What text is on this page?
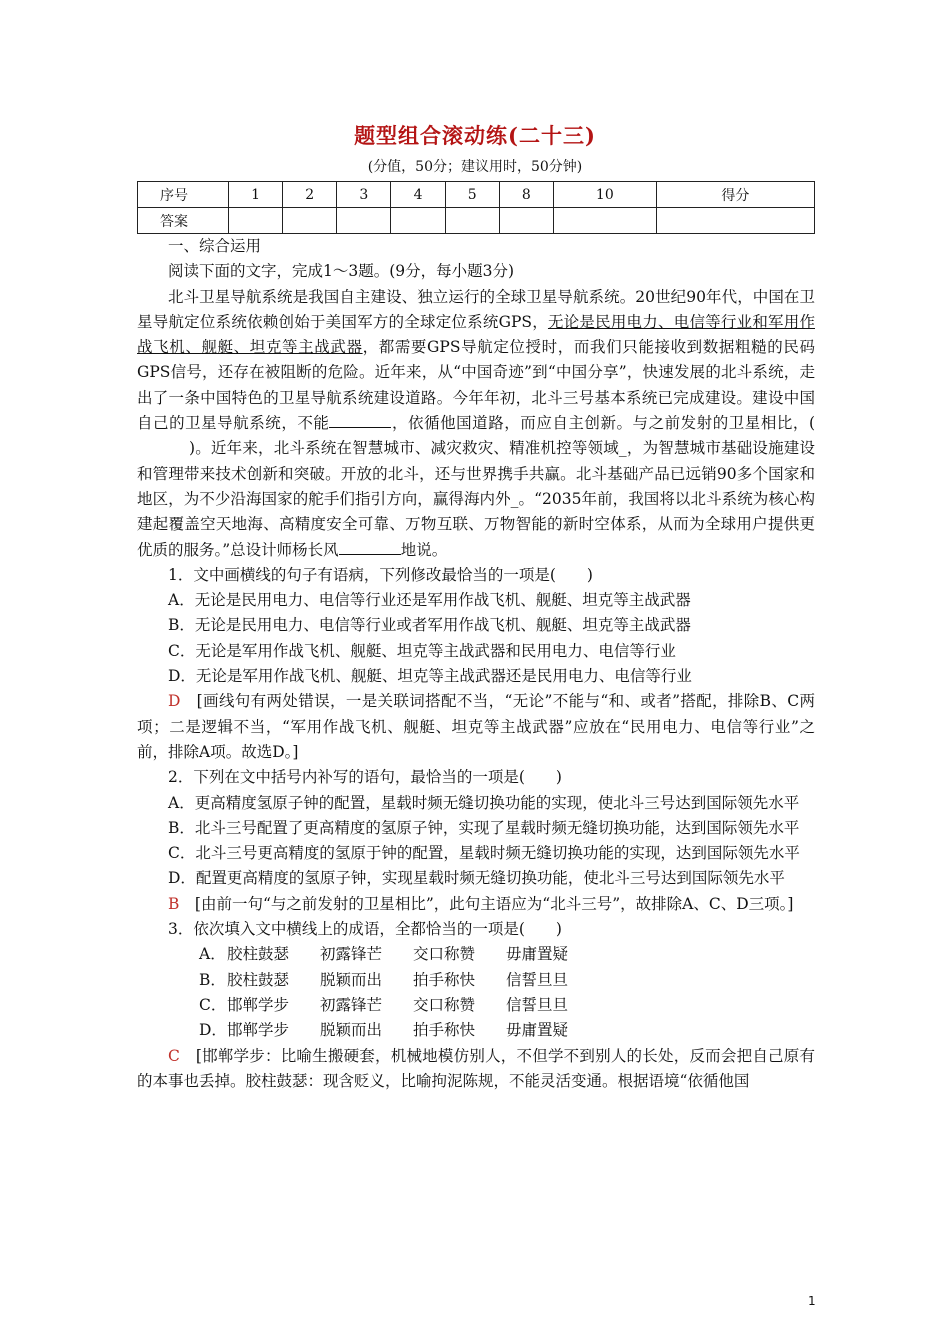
题型组合滚动练(二十三)
(分值，50分；建议用时，50分钟)
序号	1	2	3	4	5	8	10	得分
答案								

一、综合运用

阅读下面的文字，完成1～3题。(9分，每小题3分)

北斗卫星导航系统是我国自主建设、独立运行的全球卫星导航系统。20世纪90年代，中国在卫星导航定位系统依赖创始于美国军方的全球定位系统GPS，无论是民用电力、电信等行业和军用作战飞机、舰艇、坦克等主战武器，都需要GPS导航定位授时，而我们只能接收到数据粗糙的民码GPS信号，还存在被阻断的危险。近年来，从“中国奇迹”到“中国分享”，快速发展的北斗系统，走出了一条中国特色的卫星导航系统建设道路。今年年初，北斗三号基本系统已完成建设。建设中国自己的卫星导航系统，不能	，依循他国道路，而应自主创新。与之前发射的卫星相比，()。近年来，北斗系统在智慧城市、减灾救灾、精准机控等领域_，为智慧城市基础设施建设和管理带来技术创新和突破。开放的北斗，还与世界携手共赢。北斗基础产品已远销90多个国家和地区，为不少沿海国家的舵手们指引方向，赢得海内外_。“2035年前，我国将以北斗系统为核心构建起覆盖空天地海、高精度安全可靠、万物互联、万物智能的新时空体系，从而为全球用户提供更优质的服务。”总设计师杨长风	地说。

1．文中画横线的句子有语病，下列修改最恰当的一项是(　　)

A．无论是民用电力、电信等行业还是军用作战飞机、舰艇、坦克等主战武器

B．无论是民用电力、电信等行业或者军用作战飞机、舰艇、坦克等主战武器

C．无论是军用作战飞机、舰艇、坦克等主战武器和民用电力、电信等行业

D．无论是军用作战飞机、舰艇、坦克等主战武器还是民用电力、电信等行业

D　 [画线句有两处错误，一是关联词搭配不当，“无论”不能与“和、或者”搭配，排除B、C两项；二是逻辑不当，“军用作战飞机、舰艇、坦克等主战武器”应放在“民用电力、电信等行业”之前，排除A项。故选D。]

2．下列在文中括号内补写的语句，最恰当的一项是(　　)

A．更高精度氢原子钟的配置，星载时频无缝切换功能的实现，使北斗三号达到国际领先水平

B．北斗三号配置了更高精度的氢原子钟，实现了星载时频无缝切换功能，达到国际领先水平

C．北斗三号更高精度的氢原于钟的配置，星载时频无缝切换功能的实现，达到国际领先水平

D．配置更高精度的氢原子钟，实现星载时频无缝切换功能，使北斗三号达到国际领先水平

B　 [由前一句“与之前发射的卫星相比”，此句主语应为“北斗三号”，故排除A、C、D三项。]

3．依次填入文中横线上的成语，全都恰当的一项是(　　)

A．胶柱鼓瑟 初露锋芒 交口称赞 毋庸置疑

B．胶柱鼓瑟 脱颖而出 拍手称快 信誓旦旦

C．邯郸学步 初露锋芒 交口称赞 信誓旦旦

D．邯郸学步 脱颖而出 拍手称快 毋庸置疑

C　 [邯郸学步：比喻生搬硬套，机械地模仿别人，不但学不到别人的长处，反而会把自己原有的本事也丢掉。胶柱鼓瑟：现含贬义，比喻拘泥陈规，不能灵活变通。根据语境“依循他国

1
